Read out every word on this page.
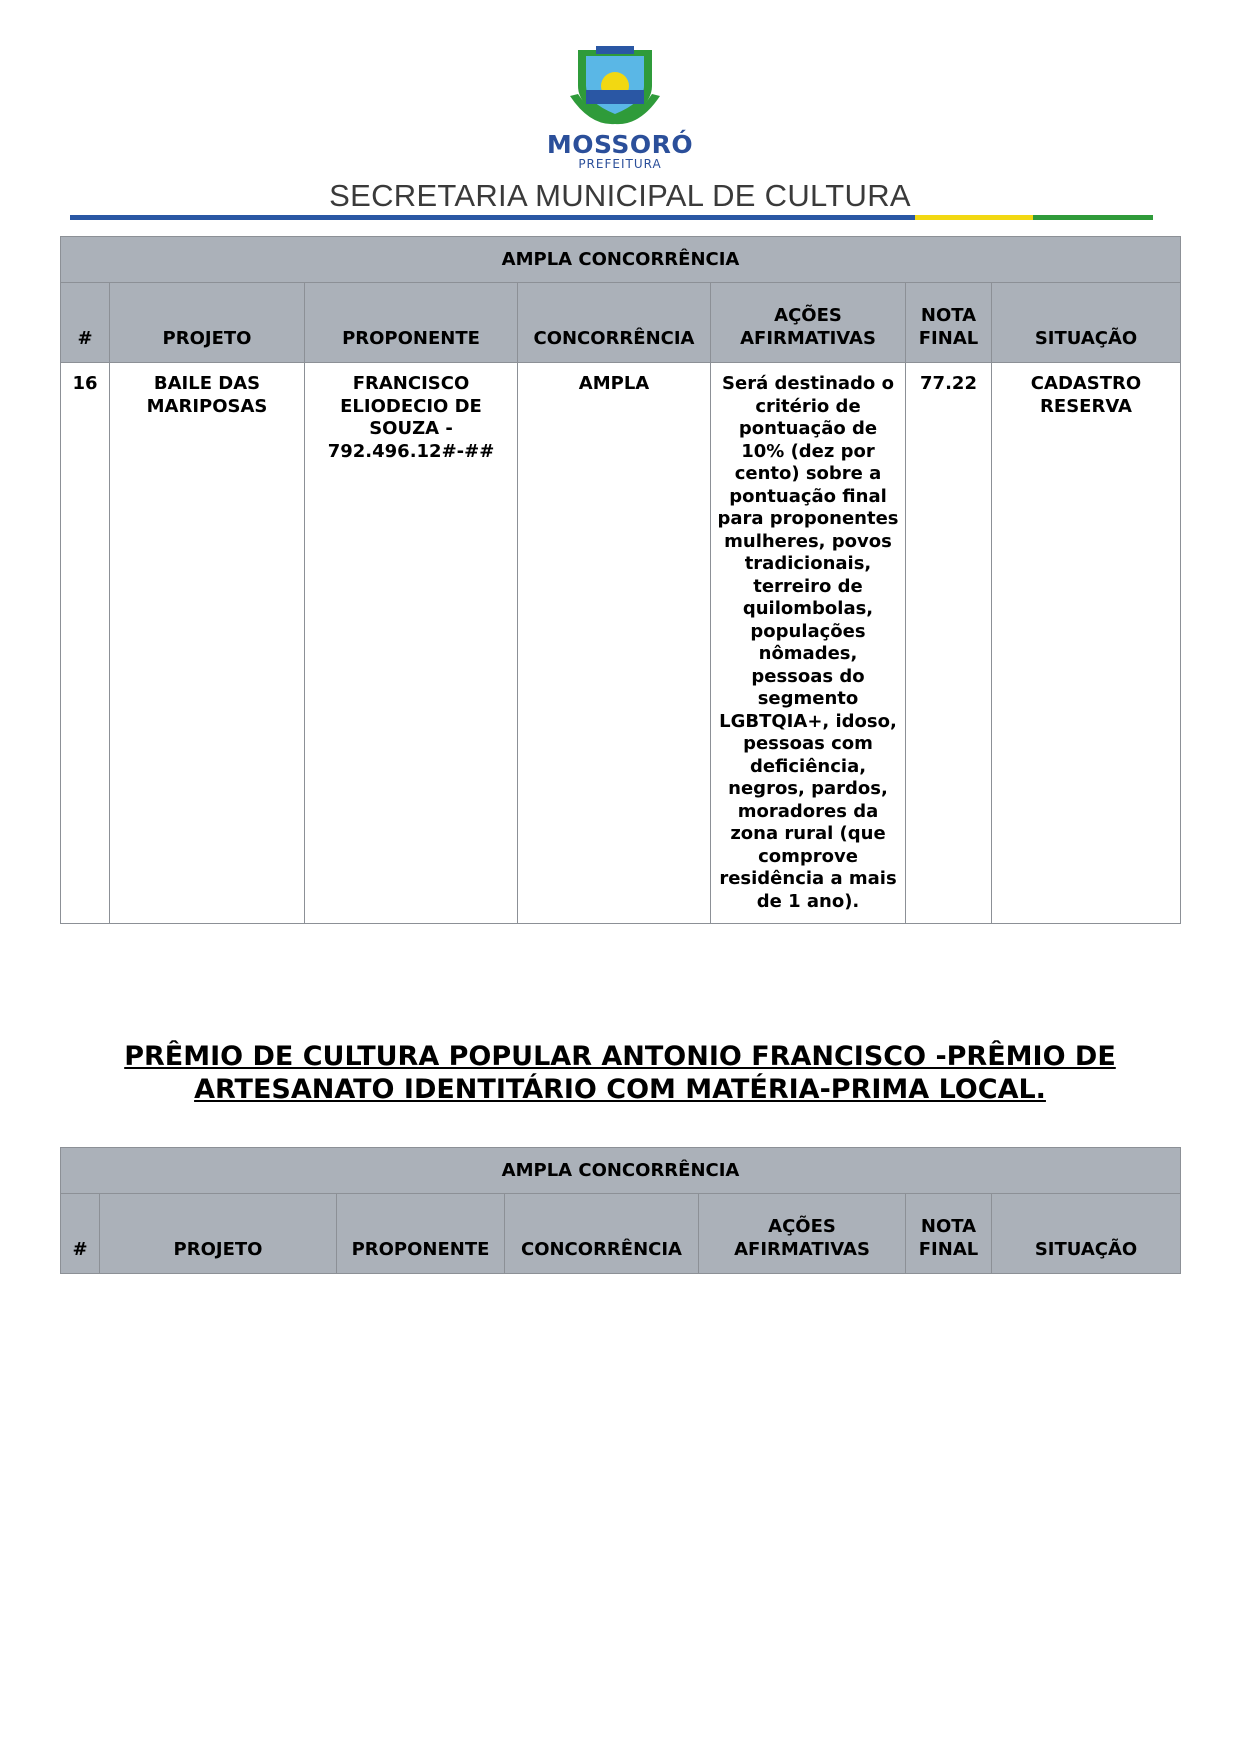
MOSSORÓ
PREFEITURA
SECRETARIA MUNICIPAL DE CULTURA
AMPLA CONCORRÊNCIA						
#	PROJETO	PROPONENTE	CONCORRÊNCIA	AÇÕES AFIRMATIVAS	NOTA FINAL	SITUAÇÃO
16	BAILE DAS MARIPOSAS	FRANCISCO ELIODECIO DE SOUZA - 792.496.12#-##	AMPLA	Será destinado o critério de pontuação de 10% (dez por cento) sobre a pontuação final para proponentes mulheres, povos tradicionais, terreiro de quilombolas, populações nômades, pessoas do segmento LGBTQIA+, idoso, pessoas com deficiência, negros, pardos, moradores da zona rural (que comprove residência a mais de 1 ano).	77.22	CADASTRO RESERVA
PRÊMIO DE CULTURA POPULAR ANTONIO FRANCISCO -PRÊMIO DE ARTESANATO IDENTITÁRIO COM MATÉRIA-PRIMA LOCAL.
AMPLA CONCORRÊNCIA
#	PROJETO	PROPONENTE	CONCORRÊNCIA	AÇÕES AFIRMATIVAS	NOTA FINAL	SITUAÇÃO
